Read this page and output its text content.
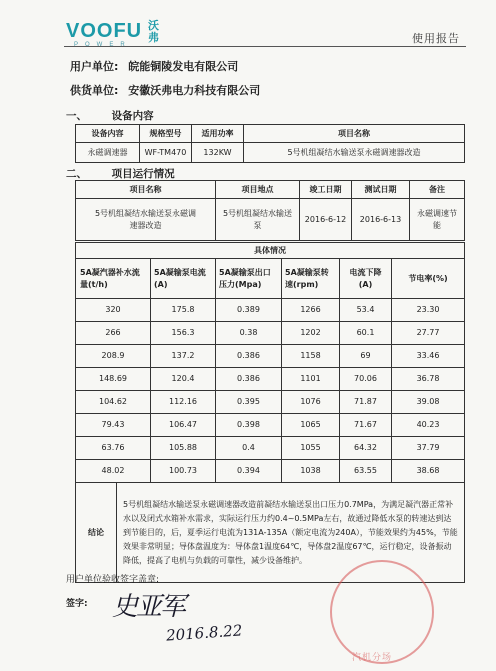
VOOFU 沃弗
POWER	使用报告
用户单位: 皖能铜陵发电有限公司
供货单位: 安徽沃弗电力科技有限公司
一、 设备内容
设备内容	规格型号	适用功率	项目名称
永磁调速器	WF-TM470	132KW	5号机组凝结水输送泵永磁调速器改造
二、 项目运行情况
项目名称	项目地点	竣工日期	测试日期	备注
5号机组凝结水输送泵永磁调速器改造	5号机组凝结水输送泵	2016-6-12	2016-6-13	永磁调速节能
具体情况						
5A凝汽器补水流量(t/h)		5A凝输泵电流(A)	5A凝输泵出口压力(Mpa)	5A凝输泵转速(rpm)	电流下降(A)	节电率(%)
320		175.8	0.389	1266	53.4	23.30
266		156.3	0.38	1202	60.1	27.77
208.9		137.2	0.386	1158	69	33.46
148.69		120.4	0.386	1101	70.06	36.78
104.62		112.16	0.395	1076	71.87	39.08
79.43		106.47	0.398	1065	71.67	40.23
63.76		105.88	0.4	1055	64.32	37.79
48.02		100.73	0.394	1038	63.55	38.68
结论	5号机组凝结水输送泵永磁调速器改造前凝结水输送泵出口压力0.7MPa，为满足凝汽器正常补水以及闭式水箱补水需求，实际运行压力约0.4~0.5MPa左右，故通过降低水泵的转速达到达到节能目的，后，夏季运行电流为131A-135A（额定电流为240A），节能效果约为45%，节能效果非常明显；导体盘温度为：导体盘1温度64℃，导体盘2温度67℃，运行稳定，设备振动降低，提高了电机与负载的可靠性，减少设备维护。					
用户单位验收签字盖章:
签字: 史亚军
2016.8.22
汽机分场
